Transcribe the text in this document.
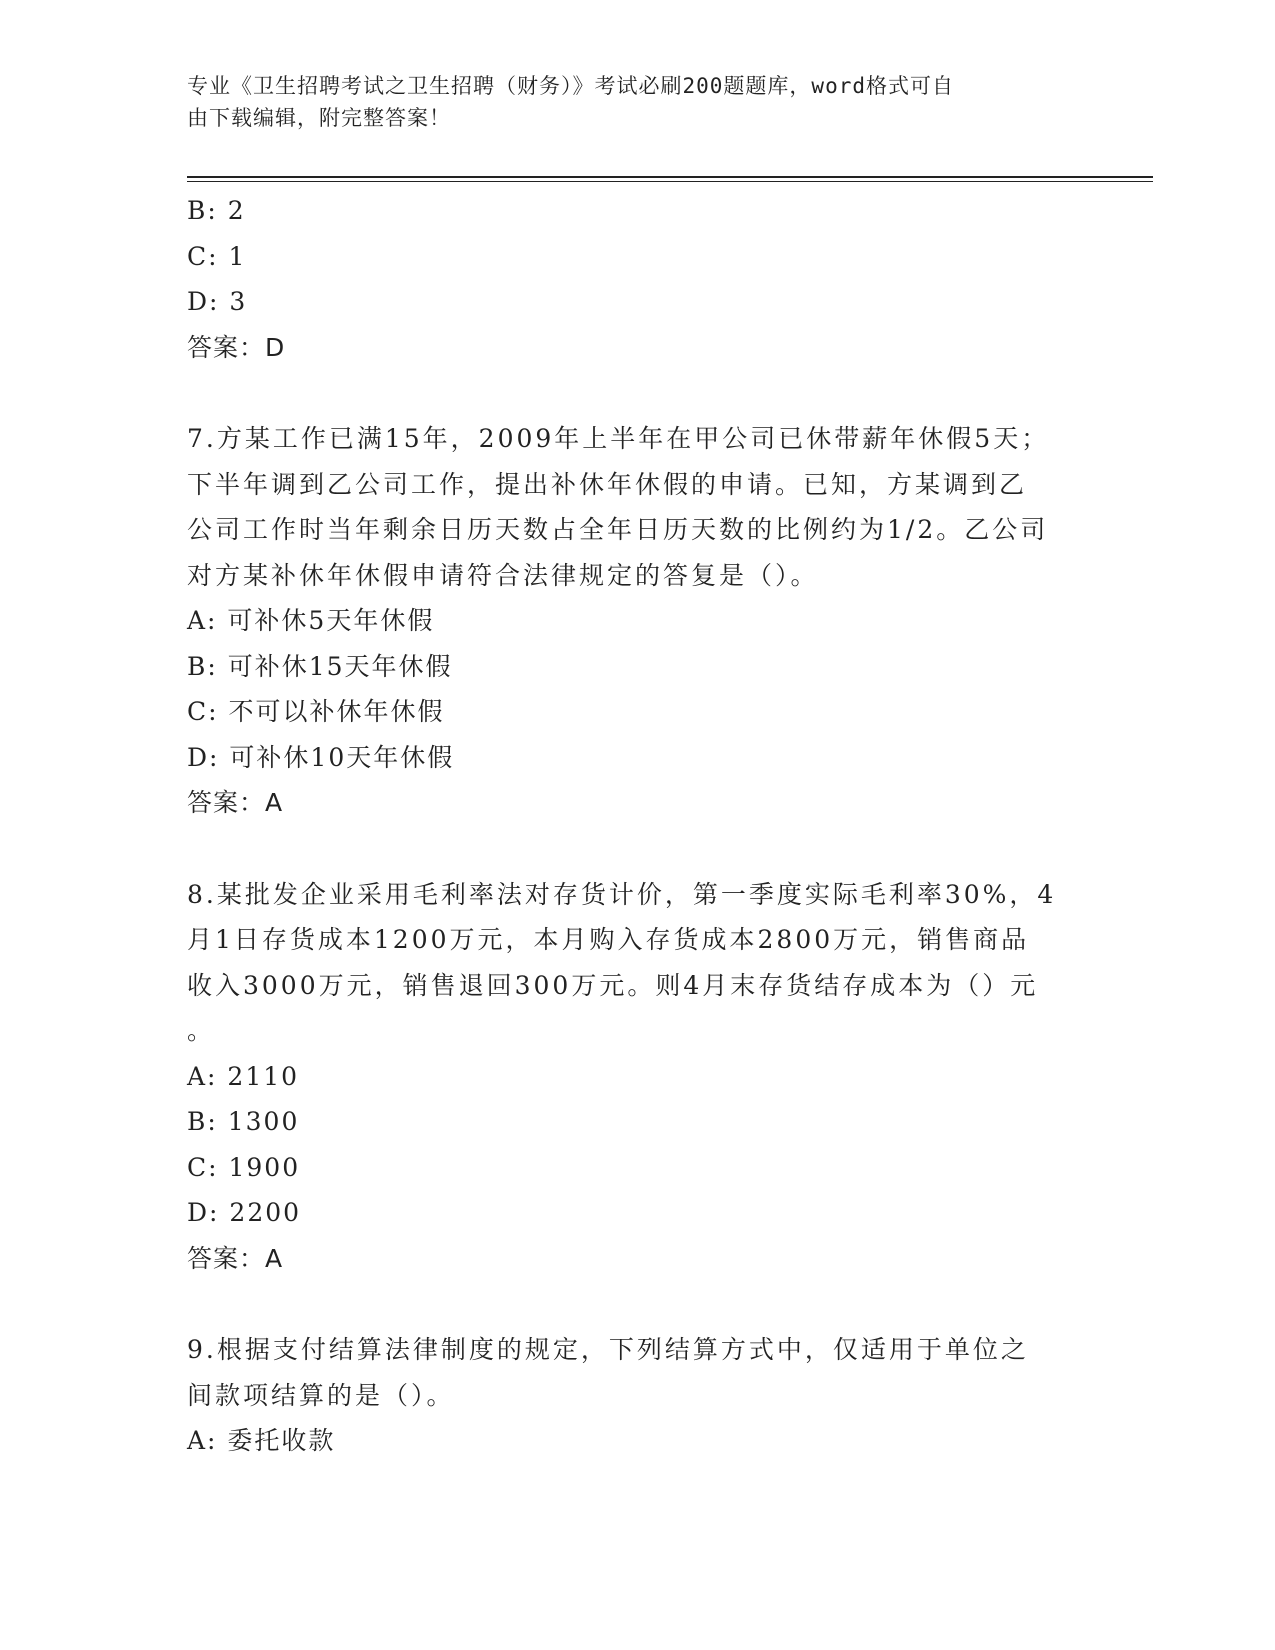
专业《卫生招聘考试之卫生招聘（财务）》考试必刷200题题库，word格式可自
由下载编辑，附完整答案！
B: 2
C: 1
D: 3
答案：D
7.方某工作已满15年，2009年上半年在甲公司已休带薪年休假5天；
下半年调到乙公司工作，提出补休年休假的申请。已知，方某调到乙
公司工作时当年剩余日历天数占全年日历天数的比例约为1/2。乙公司
对方某补休年休假申请符合法律规定的答复是（）。
A: 可补休5天年休假
B: 可补休15天年休假
C: 不可以补休年休假
D: 可补休10天年休假
答案：A
8.某批发企业采用毛利率法对存货计价，第一季度实际毛利率30%，4
月1日存货成本1200万元，本月购入存货成本2800万元，销售商品
收入3000万元，销售退回300万元。则4月末存货结存成本为（）元
。
A: 2110
B: 1300
C: 1900
D: 2200
答案：A
9.根据支付结算法律制度的规定，下列结算方式中，仅适用于单位之
间款项结算的是（）。
A: 委托收款
